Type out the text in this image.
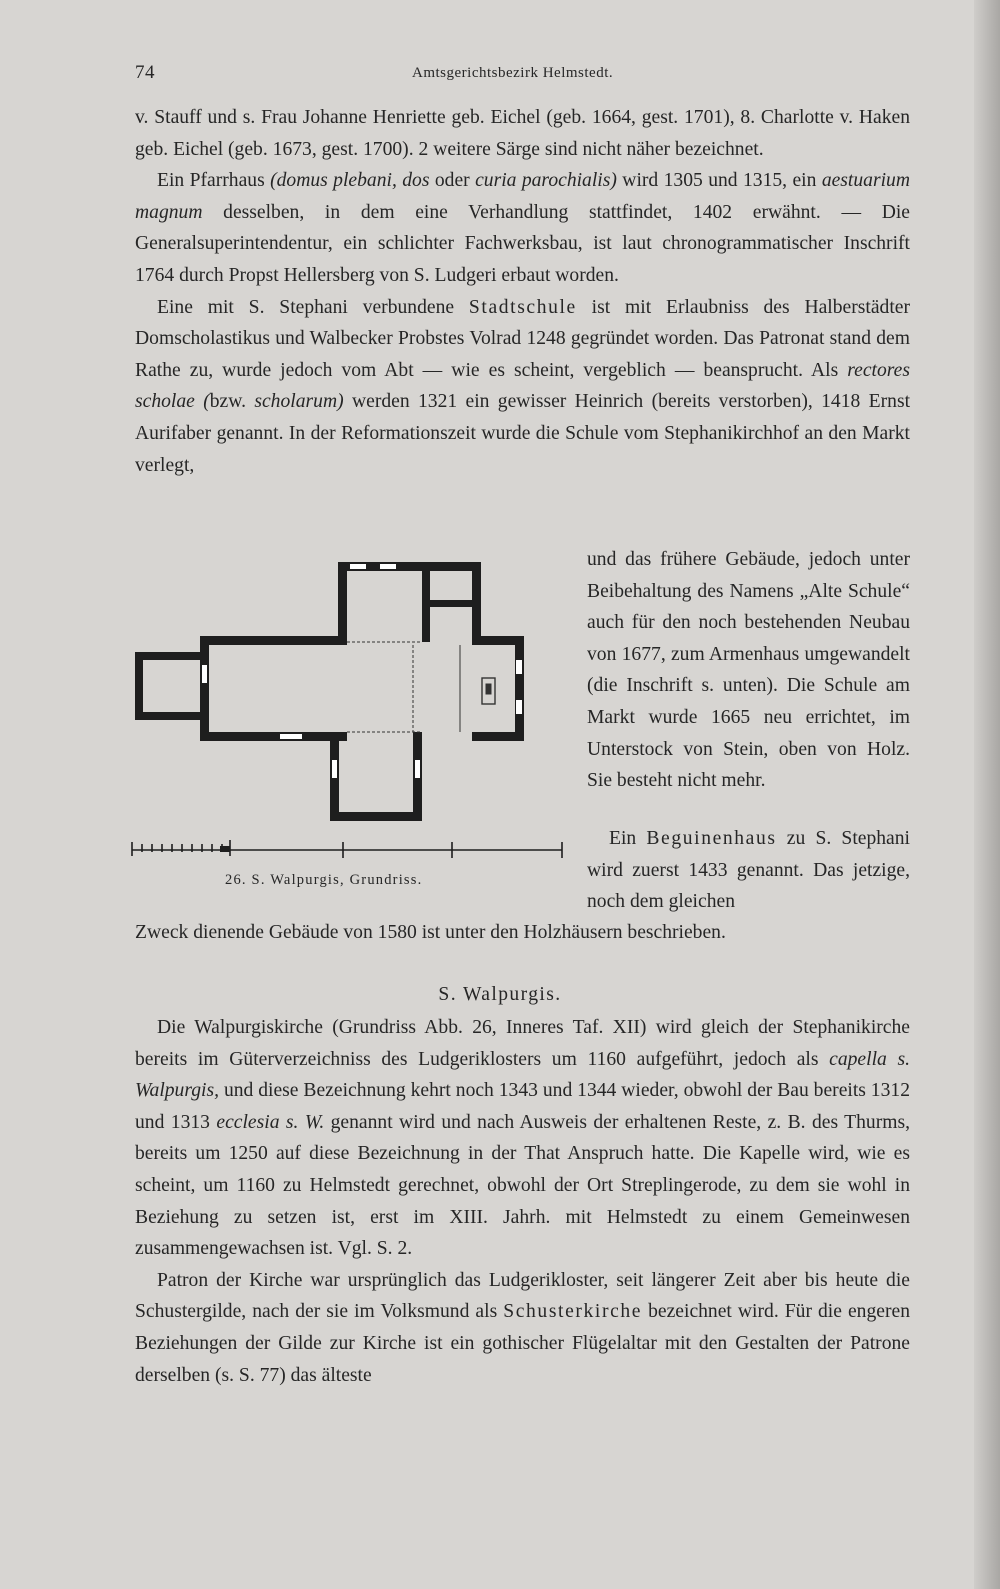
74	Amtsgerichtsbezirk Helmstedt.

v. Stauff und s. Frau Johanne Henriette geb. Eichel (geb. 1664, gest. 1701), 8. Charlotte v. Haken geb. Eichel (geb. 1673, gest. 1700). 2 weitere Särge sind nicht näher bezeichnet.

Ein Pfarrhaus (domus plebani, dos oder curia parochialis) wird 1305 und 1315, ein aestuarium magnum desselben, in dem eine Verhandlung stattfindet, 1402 erwähnt. — Die Generalsuperintendentur, ein schlichter Fachwerksbau, ist laut chronogrammatischer Inschrift 1764 durch Propst Hellersberg von S. Ludgeri erbaut worden.

Eine mit S. Stephani verbundene Stadtschule ist mit Erlaubniss des Halberstädter Domscholastikus und Walbecker Probstes Volrad 1248 gegründet worden. Das Patronat stand dem Rathe zu, wurde jedoch vom Abt — wie es scheint, vergeblich — beansprucht. Als rectores scholae (bzw. scholarum) werden 1321 ein gewisser Heinrich (bereits verstorben), 1418 Ernst Aurifaber genannt. In der Reformationszeit wurde die Schule vom Stephanikirchhof an den Markt verlegt,

und das frühere Gebäude, jedoch unter Beibehaltung des Namens „Alte Schule“ auch für den noch bestehenden Neubau von 1677, zum Armenhaus umgewandelt (die Inschrift s. unten). Die Schule am Markt wurde 1665 neu errichtet, im Unterstock von Stein, oben von Holz. Sie besteht nicht mehr.

Ein Beguinenhaus zu S. Stephani wird zuerst 1433 genannt. Das jetzige, noch dem gleichen

Zweck dienende Gebäude von 1580 ist unter den Holzhäusern beschrieben.

26. S. Walpurgis, Grundriss.
S. Walpurgis.

Die Walpurgiskirche (Grundriss Abb. 26, Inneres Taf. XII) wird gleich der Stephanikirche bereits im Güterverzeichniss des Ludgeriklosters um 1160 aufgeführt, jedoch als capella s. Walpurgis, und diese Bezeichnung kehrt noch 1343 und 1344 wieder, obwohl der Bau bereits 1312 und 1313 ecclesia s. W. genannt wird und nach Ausweis der erhaltenen Reste, z. B. des Thurms, bereits um 1250 auf diese Bezeichnung in der That Anspruch hatte. Die Kapelle wird, wie es scheint, um 1160 zu Helmstedt gerechnet, obwohl der Ort Streplingerode, zu dem sie wohl in Beziehung zu setzen ist, erst im XIII. Jahrh. mit Helmstedt zu einem Gemeinwesen zusammengewachsen ist. Vgl. S. 2.

Patron der Kirche war ursprünglich das Ludgerikloster, seit längerer Zeit aber bis heute die Schustergilde, nach der sie im Volksmund als Schusterkirche bezeichnet wird. Für die engeren Beziehungen der Gilde zur Kirche ist ein gothischer Flügelaltar mit den Gestalten der Patrone derselben (s. S. 77) das älteste
